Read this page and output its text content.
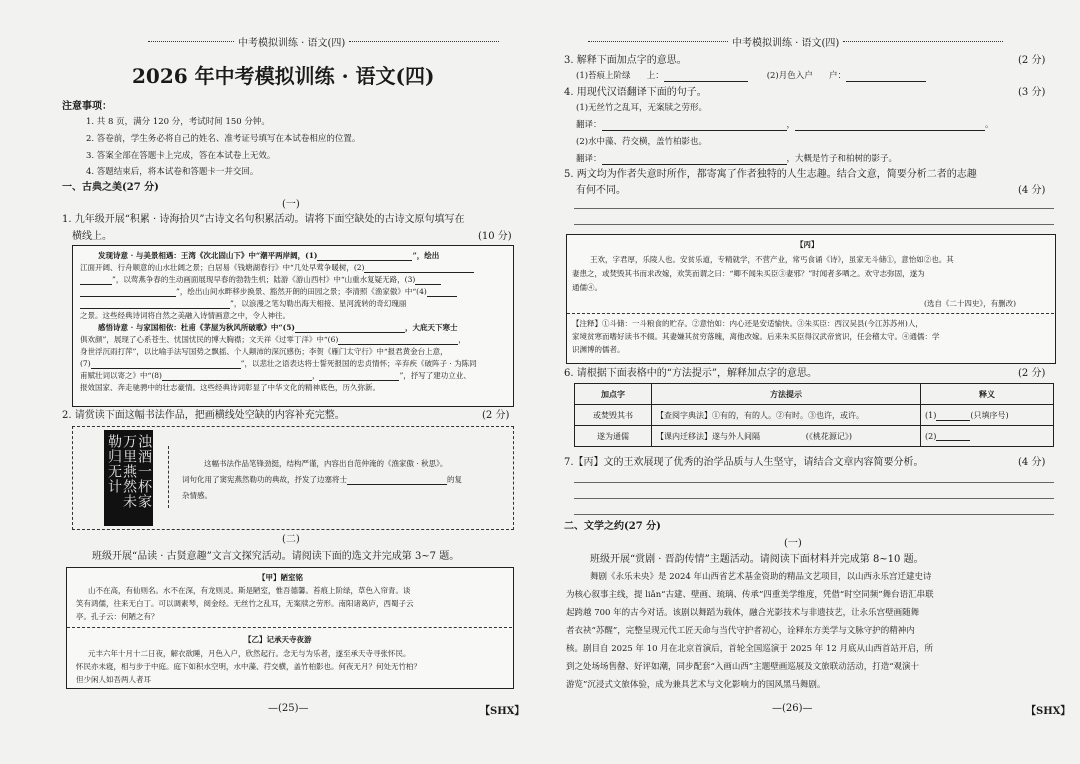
中考模拟训练 · 语文(四)
2026 年中考模拟训练 · 语文(四)
注意事项：
1. 共 8 页，满分 120 分，考试时间 150 分钟。
2. 答卷前，学生务必将自己的姓名、准考证号填写在本试卷相应的位置。
3. 答案全部在答题卡上完成，答在本试卷上无效。
4. 答题结束后，将本试卷和答题卡一并交回。
一、古典之美(27 分)
(一)
1. 九年级开展“积累 · 诗海拾贝”古诗文名句积累活动。请将下面空缺处的古诗文原句填写在
横线上。	(10 分)
发现诗意 · 与美景相遇：王湾《次北固山下》中“潮平两岸阔，(1)	”，绘出
江面开阔、行舟顺意的山水壮阔之景；白居易《钱塘湖春行》中“几处早莺争暖树，(2)
”，以莺燕争春的生动画面展现早春的勃勃生机；陆游《游山西村》中“山重水复疑无路，(3)
”，绘出山间水畔移步换景、豁然开朗的田园之景；李清照《渔家傲》中“(4)
”，以浪漫之笔勾勒出海天相接、星河流转的奇幻瑰丽
之景。这些经典诗词将自然之美融入诗情画意之中，令人神往。
感悟诗意 · 与家国相依：杜甫《茅屋为秋风所破歌》中“(5)	，大庇天下寒士
俱欢颜”，展现了心系苍生、忧国忧民的博大胸襟；文天祥《过零丁洋》中“(6)	，
身世浮沉雨打萍”，以比喻手法写国势之飘摇、个人颠沛的深沉感伤；李贺《雁门太守行》中“报君黄金台上意，
(7)	”，以悲壮之语表达将士誓死报国的忠贞情怀；辛弃疾《破阵子 · 为陈同
甫赋壮词以寄之》中“(8)	，	”，抒写了建功立业、
报效国家、奔走驰骋中的壮志豪情。这些经典诗词彰显了中华文化的精神底色，历久弥新。
2. 请赏读下面这幅书法作品，把画横线处空缺的内容补充完整。	(2 分)
浊酒一杯家万里燕然未勒归无计	这幅书法作品笔锋劲挺，结构严谨，内容出自范仲淹的《渔家傲 · 秋思》。
词句化用了窦宪燕然勒功的典故，抒发了边塞将士	的复
杂情感。
(二)
班级开展“品读 · 古贤意趣”文言文探究活动。请阅读下面的选文并完成第 3~7 题。
【甲】陋室铭
山不在高，有仙则名。水不在深，有龙则灵。斯是陋室，惟吾德馨。苔痕上阶绿，草色入帘青。谈
笑有鸿儒，往来无白丁。可以调素琴，阅金经。无丝竹之乱耳，无案牍之劳形。南阳诸葛庐，西蜀子云
亭。孔子云：何陋之有？
【乙】记承天寺夜游
元丰六年十月十二日夜，解衣欲睡，月色入户，欣然起行。念无与为乐者，遂至承天寺寻张怀民。
怀民亦未寝，相与步于中庭。庭下如积水空明，水中藻、荇交横，盖竹柏影也。何夜无月？何处无竹柏？
但少闲人如吾两人者耳
—(25)—	【SHX】
中考模拟训练 · 语文(四)
3. 解释下面加点字的意思。	(2 分)
(1)苔痕上阶绿 上：	(2)月色入户 户：
4. 用现代汉语翻译下面的句子。	(3 分)
(1)无丝竹之乱耳，无案牍之劳形。
翻译：	，	。
(2)水中藻、荇交横，盖竹柏影也。
翻译：	，大概是竹子和柏树的影子。
5. 两文均为作者失意时所作，都寄寓了作者独特的人生志趣。结合文意，简要分析二者的志趣
有何不同。	(4 分)
【丙】
王欢，字君厚，乐陵人也。安贫乐道，专精就学，不营产业，常丐食诵《诗》，虽家无斗储①，意怡如②也。其
妻患之，或焚毁其书而求改嫁，欢笑而谓之曰：“卿不闻朱买臣③妻邪？”时闻者多哂之。欢守志弥固，遂为
通儒④。
(选自《二十四史》，有删改)
【注释】①斗储：一斗粮食的贮存。②意怡如：内心还是安适愉快。③朱买臣：西汉吴县(今江苏苏州)人，
家境贫寒而嗜好读书不辍。其妻嫌其贫穷落魄，离他改嫁。后来朱买臣得汉武帝赏识，任会稽太守。④通儒：学
识渊博的儒者。
6. 请根据下面表格中的“方法提示”，解释加点字的意思。	(2 分)
加点字	方法提示	释义
或焚毁其书	【查阅字典法】①有的，有的人。②有时。③也许，或许。	(1) (只填序号)
遂为通儒	【课内迁移法】遂与外人间隔 (《桃花源记》)	(2)
7.【丙】文的王欢展现了优秀的治学品质与人生坚守，请结合文章内容简要分析。	(4 分)
二、文学之约(27 分)
(一)
班级开展“赏剧 · 晋韵传情”主题活动。请阅读下面材料并完成第 8~10 题。
舞剧《永乐未央》是 2024 年山西省艺术基金资助的精品文艺项目，以山西永乐宫迁建史诗
为核心叙事主线，提 liǎn“古建、壁画、琉璃、传承”四重美学维度，凭借“时空同频”舞台语汇串联
起跨越 700 年的古今对话。该剧以舞蹈为载体，融合光影技术与非遗技艺，让永乐宫壁画随舞
者衣袂“苏醒”，完整呈现元代工匠天命与当代守护者初心，诠释东方美学与文脉守护的精神内
核。剧目自 2025 年 10 月在北京首演后，首轮全国巡演于 2025 年 12 月底从山西首站开启，所
到之处场场售罄、好评如潮，同步配套“入画山西”主题壁画巡展及文旅联动活动，打造“观演十
游览”沉浸式文旅体验，成为兼具艺术与文化影响力的国风黑马舞剧。
—(26)—	【SHX】
